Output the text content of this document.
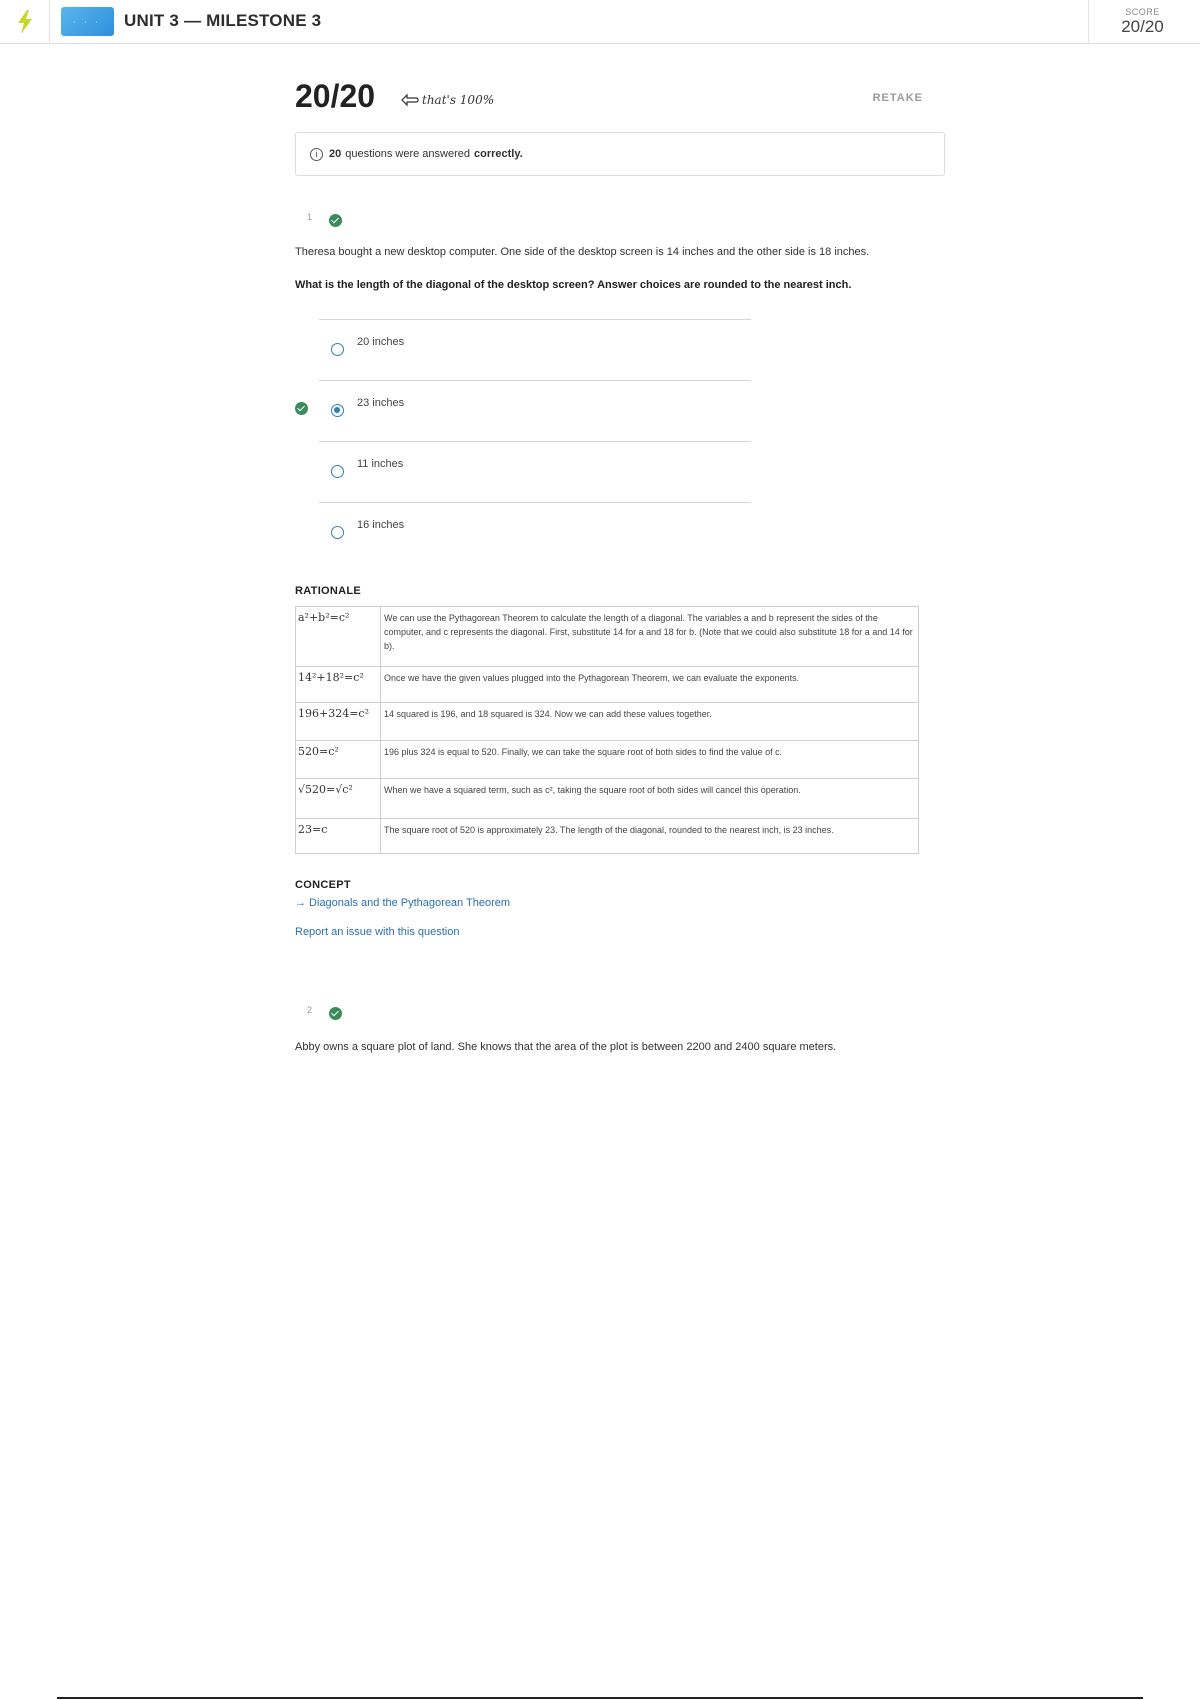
· · · UNIT 3 — MILESTONE 3	SCORE
20/20
20/20	that's 100%	RETAKE
i	20 questions were answered correctly.
1

Theresa bought a new desktop computer. One side of the desktop screen is 14 inches and the other side is 18 inches.

What is the length of the diagonal of the desktop screen? Answer choices are rounded to the nearest inch.

20 inches
23 inches
11 inches
16 inches
RATIONALE
a²+b²=c²	We can use the Pythagorean Theorem to calculate the length of a diagonal. The variables a and b represent the sides of the computer, and c represents the diagonal. First, substitute 14 for a and 18 for b. (Note that we could also substitute 18 for a and 14 for b).
14²+18²=c²	Once we have the given values plugged into the Pythagorean Theorem, we can evaluate the exponents.
196+324=c²	14 squared is 196, and 18 squared is 324. Now we can add these values together.
520=c²	196 plus 324 is equal to 520. Finally, we can take the square root of both sides to find the value of c.
√520=√c²	When we have a squared term, such as c², taking the square root of both sides will cancel this operation.
23=c	The square root of 520 is approximately 23. The length of the diagonal, rounded to the nearest inch, is 23 inches.
CONCEPT
→ Diagonals and the Pythagorean Theorem
Report an issue with this question
2

Abby owns a square plot of land. She knows that the area of the plot is between 2200 and 2400 square meters.
